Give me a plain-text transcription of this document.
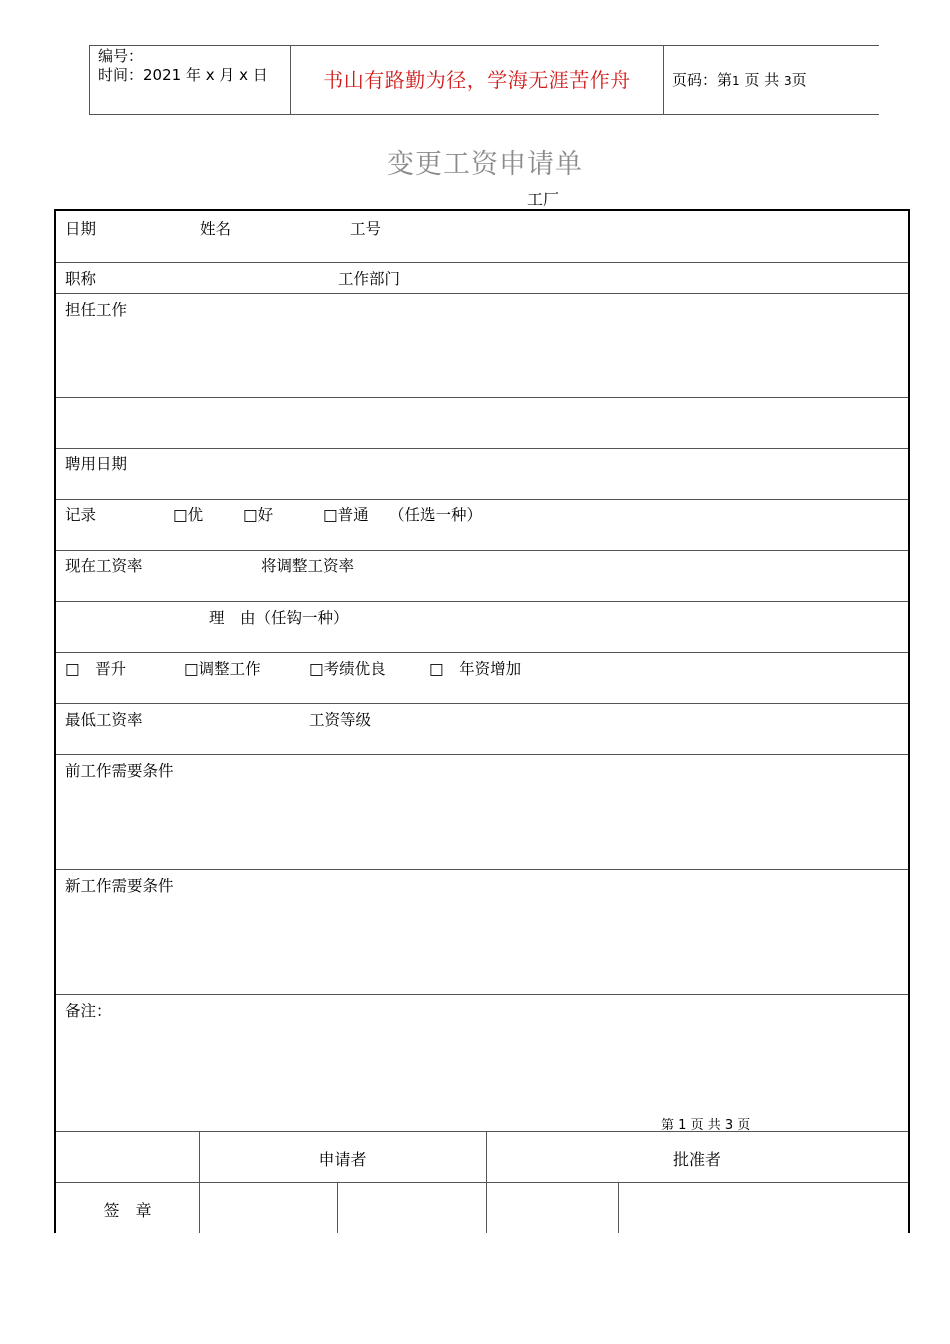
编号：
时间：2021 年 x 月 x 日	书山有路勤为径，学海无涯苦作舟	页码：第1 页 共 3页
变更工资申请单
工厂
日期	姓名	工号
职称	工作部门
担任工作
聘用日期
记录	□优	□好	□普通 （任选一种）
现在工资率	将调整工资率
理　由（任钩一种）
□　晋升	□调整工作	□考绩优良	□　年资增加
最低工资率	工资等级
前工作需要条件
新工作需要条件
备注：
申请者	批准者
签　章
第 1 页 共 3 页
